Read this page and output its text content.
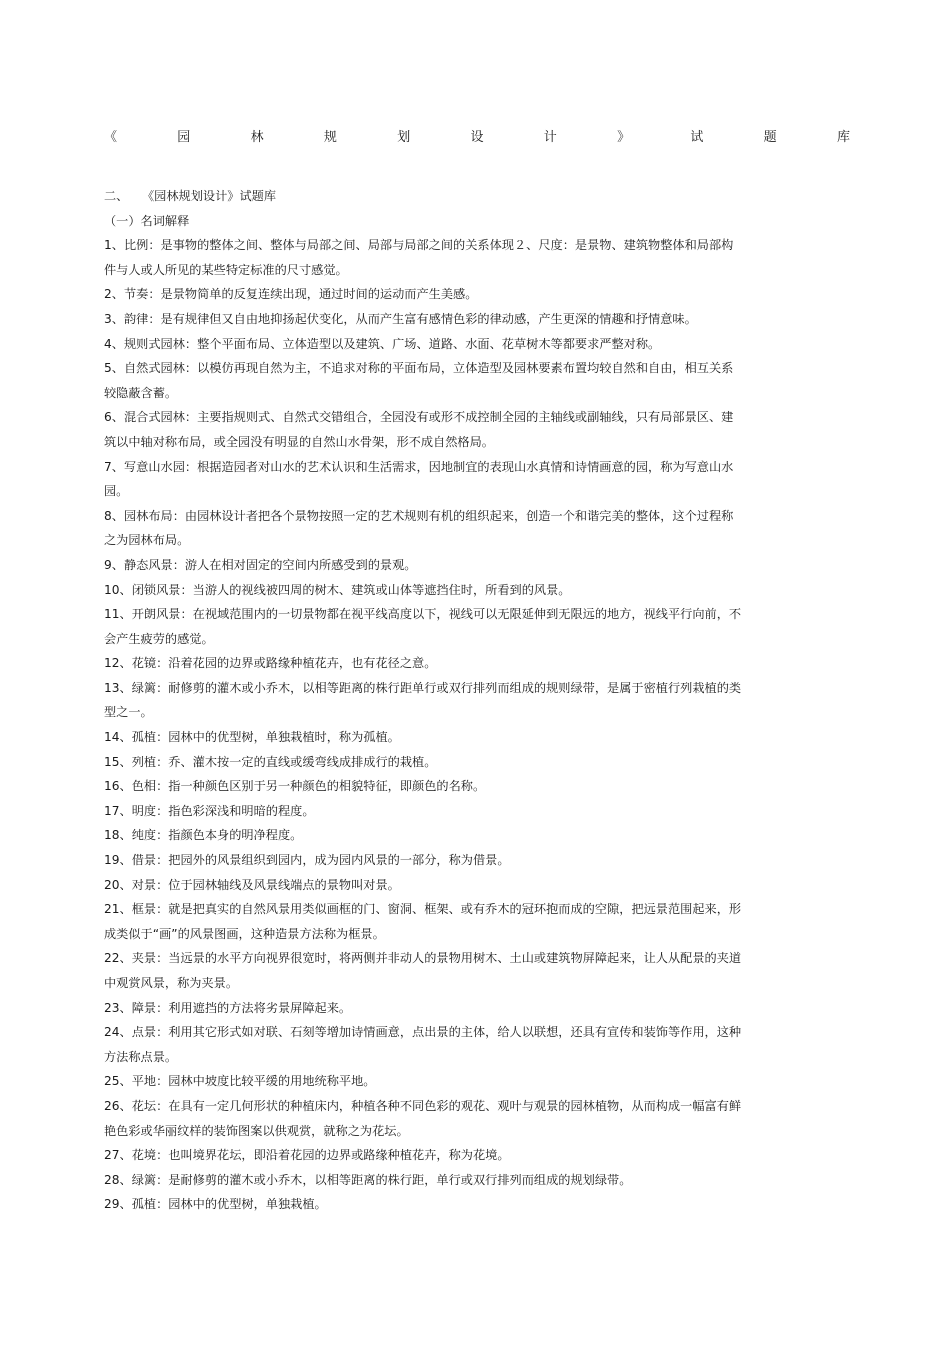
《	园	林	规	划	设	计	》	试	题	库
二、 《园林规划设计》试题库
（一）名词解释
1、比例：是事物的整体之间、整体与局部之间、局部与局部之间的关系体现２、尺度：是景物、建筑物整体和局部构
件与人或人所见的某些特定标准的尺寸感觉。
2、节奏：是景物简单的反复连续出现，通过时间的运动而产生美感。
3、韵律：是有规律但又自由地抑扬起伏变化，从而产生富有感情色彩的律动感，产生更深的情趣和抒情意味。
4、规则式园林：整个平面布局、立体造型以及建筑、广场、道路、水面、花草树木等都要求严整对称。
5、自然式园林：以模仿再现自然为主，不追求对称的平面布局，立体造型及园林要素布置均较自然和自由，相互关系
较隐蔽含蓄。
6、混合式园林：主要指规则式、自然式交错组合，全园没有或形不成控制全园的主轴线或副轴线，只有局部景区、建
筑以中轴对称布局，或全园没有明显的自然山水骨架，形不成自然格局。
7、写意山水园：根据造园者对山水的艺术认识和生活需求，因地制宜的表现山水真情和诗情画意的园，称为写意山水
园。
8、园林布局：由园林设计者把各个景物按照一定的艺术规则有机的组织起来，创造一个和谐完美的整体，这个过程称
之为园林布局。
9、静态风景：游人在相对固定的空间内所感受到的景观。
10、闭锁风景：当游人的视线被四周的树木、建筑或山体等遮挡住时，所看到的风景。
11、开朗风景：在视域范围内的一切景物都在视平线高度以下，视线可以无限延伸到无限远的地方，视线平行向前，不
会产生疲劳的感觉。
12、花镜：沿着花园的边界或路缘种植花卉，也有花径之意。
13、绿篱：耐修剪的灌木或小乔木，以相等距离的株行距单行或双行排列而组成的规则绿带，是属于密植行列栽植的类
型之一。
14、孤植：园林中的优型树，单独栽植时，称为孤植。
15、列植：乔、灌木按一定的直线或缓弯线成排成行的栽植。
16、色相：指一种颜色区别于另一种颜色的相貌特征，即颜色的名称。
17、明度：指色彩深浅和明暗的程度。
18、纯度：指颜色本身的明净程度。
19、借景：把园外的风景组织到园内，成为园内风景的一部分，称为借景。
20、对景：位于园林轴线及风景线端点的景物叫对景。
21、框景：就是把真实的自然风景用类似画框的门、窗洞、框架、或有乔木的冠环抱而成的空隙，把远景范围起来，形
成类似于“画”的风景图画，这种造景方法称为框景。
22、夹景：当远景的水平方向视界很宽时，将两侧并非动人的景物用树木、土山或建筑物屏障起来，让人从配景的夹道
中观赏风景，称为夹景。
23、障景：利用遮挡的方法将劣景屏障起来。
24、点景：利用其它形式如对联、石刻等增加诗情画意，点出景的主体，给人以联想，还具有宣传和装饰等作用，这种
方法称点景。
25、平地：园林中坡度比较平缓的用地统称平地。
26、花坛：在具有一定几何形状的种植床内，种植各种不同色彩的观花、观叶与观景的园林植物，从而构成一幅富有鲜
艳色彩或华丽纹样的装饰图案以供观赏，就称之为花坛。
27、花境：也叫境界花坛，即沿着花园的边界或路缘种植花卉，称为花境。
28、绿篱：是耐修剪的灌木或小乔木，以相等距离的株行距，单行或双行排列而组成的规划绿带。
29、孤植：园林中的优型树，单独栽植。
